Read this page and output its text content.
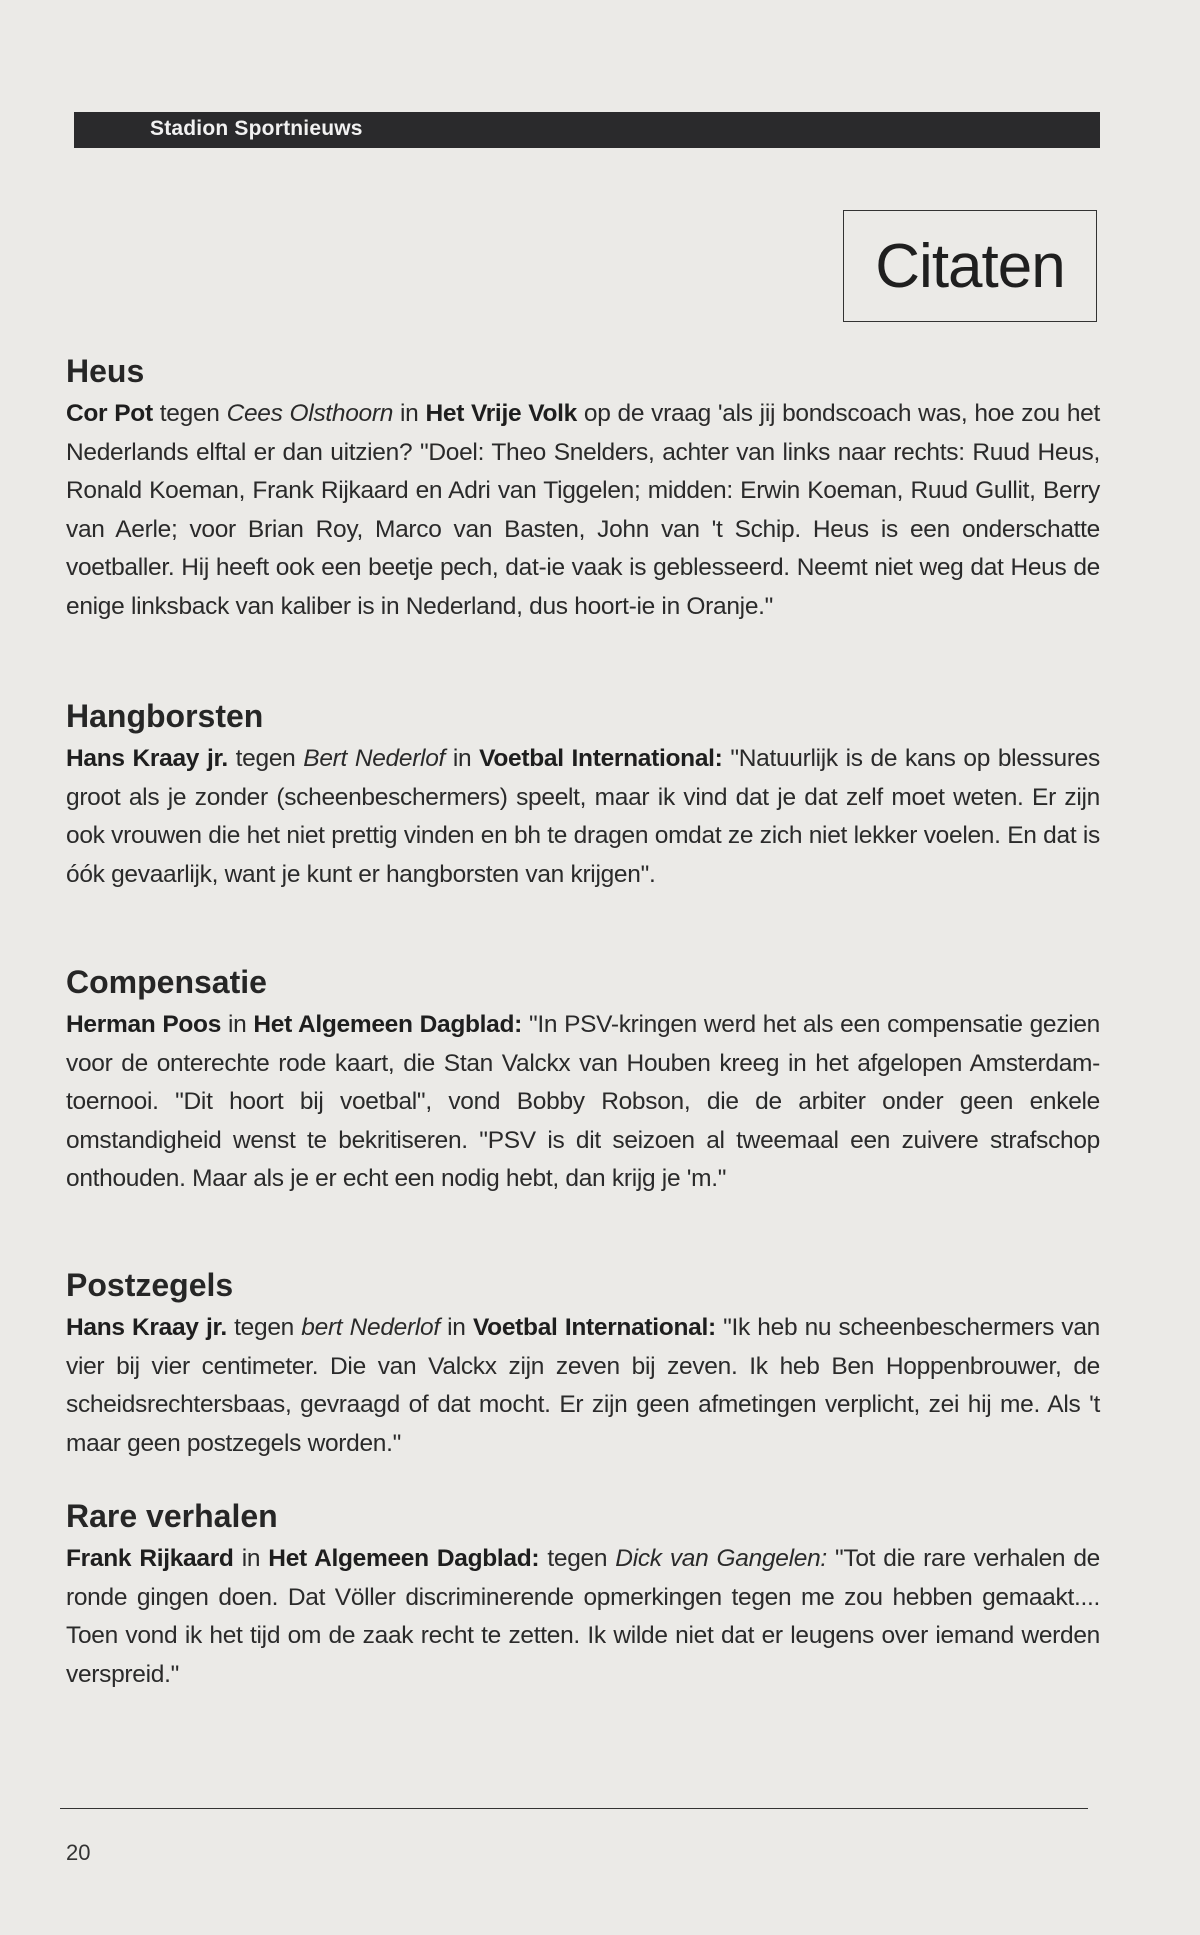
Stadion Sportnieuws
Citaten
Heus

Cor Pot tegen Cees Olsthoorn in Het Vrije Volk op de vraag 'als jij bondscoach was, hoe zou het Nederlands elftal er dan uitzien? "Doel: Theo Snelders, achter van links naar rechts: Ruud Heus, Ronald Koeman, Frank Rijkaard en Adri van Tiggelen; midden: Erwin Koeman, Ruud Gullit, Berry van Aerle; voor Brian Roy, Marco van Basten, John van 't Schip. Heus is een onderschatte voetballer. Hij heeft ook een beetje pech, dat-ie vaak is geblesseerd. Neemt niet weg dat Heus de enige linksback van kaliber is in Nederland, dus hoort-ie in Oranje."

Hangborsten

Hans Kraay jr. tegen Bert Nederlof in Voetbal International: "Natuurlijk is de kans op blessures groot als je zonder (scheenbeschermers) speelt, maar ik vind dat je dat zelf moet weten. Er zijn ook vrouwen die het niet prettig vinden en bh te dragen omdat ze zich niet lekker voelen. En dat is óók gevaarlijk, want je kunt er hangborsten van krijgen".

Compensatie

Herman Poos in Het Algemeen Dagblad: "In PSV-kringen werd het als een compensatie gezien voor de onterechte rode kaart, die Stan Valckx van Houben kreeg in het afgelopen Amsterdam-toernooi. "Dit hoort bij voetbal", vond Bobby Robson, die de arbiter onder geen enkele omstandigheid wenst te bekritiseren. "PSV is dit seizoen al tweemaal een zuivere strafschop onthouden. Maar als je er echt een nodig hebt, dan krijg je 'm."

Postzegels

Hans Kraay jr. tegen bert Nederlof in Voetbal International: "Ik heb nu scheenbeschermers van vier bij vier centimeter. Die van Valckx zijn zeven bij zeven. Ik heb Ben Hoppenbrouwer, de scheidsrechtersbaas, gevraagd of dat mocht. Er zijn geen afmetingen verplicht, zei hij me. Als 't maar geen postzegels worden."

Rare verhalen

Frank Rijkaard in Het Algemeen Dagblad: tegen Dick van Gangelen: "Tot die rare verhalen de ronde gingen doen. Dat Völler discriminerende opmerkingen tegen me zou hebben gemaakt.... Toen vond ik het tijd om de zaak recht te zetten. Ik wilde niet dat er leugens over iemand werden verspreid."

20
